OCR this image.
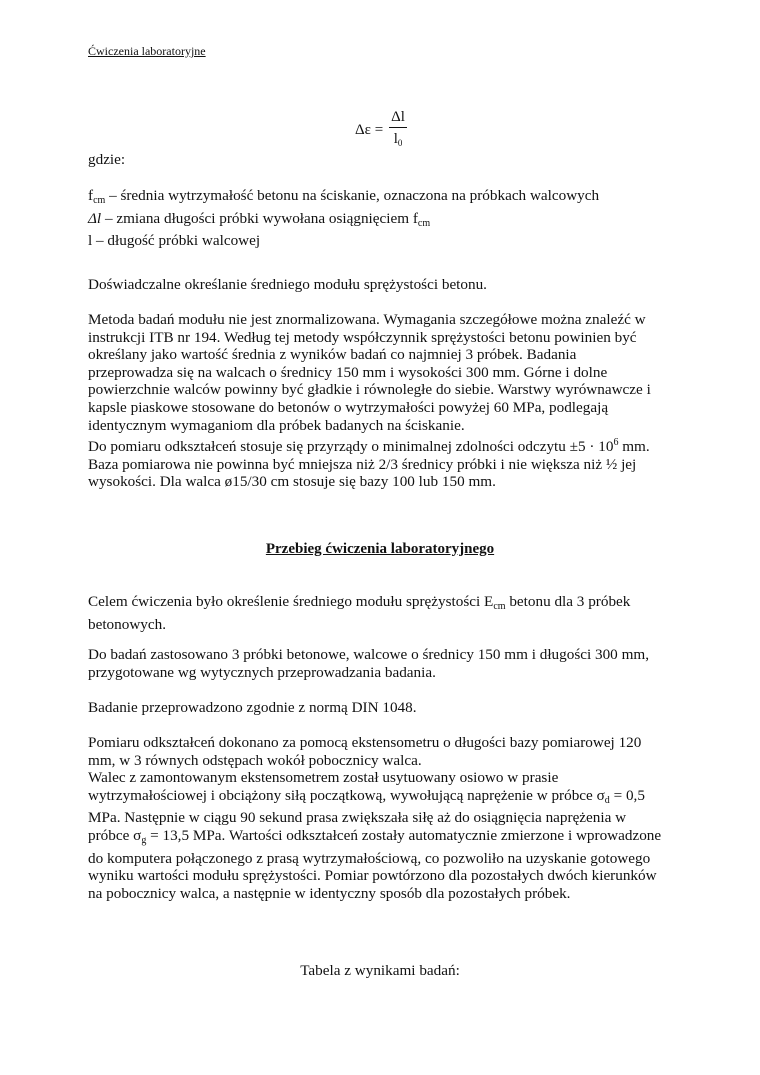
Ćwiczenia laboratoryjne
$\Delta\varepsilon = \frac{\Delta l}{l_0}$

gdzie:

$f_{cm}$ – średnia wytrzymałość betonu na ściskanie, oznaczona na próbkach walcowych

Δl – zmiana długości próbki wywołana osiągnięciem $f_{cm}$

l – długość próbki walcowej

Doświadczalne określanie średniego modułu sprężystości betonu.

Metoda badań modułu nie jest znormalizowana. Wymagania szczegółowe można znaleźć w

instrukcji ITB nr 194. Według tej metody współczynnik sprężystości betonu powinien być

określany jako wartość średnia z wyników badań co najmniej 3 próbek. Badania

przeprowadza się na walcach o średnicy 150 mm i wysokości 300 mm. Górne i dolne

powierzchnie walców powinny być gładkie i równoległe do siebie. Warstwy wyrównawcze i

kapsle piaskowe stosowane do betonów o wytrzymałości powyżej 60 MPa, podlegają

identycznym wymaganiom dla próbek badanych na ściskanie.

Do pomiaru odkształceń stosuje się przyrządy o minimalnej zdolności odczytu $\pm 5 \cdot 10^6$ mm.

Baza pomiarowa nie powinna być mniejsza niż 2/3 średnicy próbki i nie większa niż ½ jej

wysokości. Dla walca ø15/30 cm stosuje się bazy 100 lub 150 mm.

Przebieg ćwiczenia laboratoryjnego

Celem ćwiczenia było określenie średniego modułu sprężystości $E_{cm}$ betonu dla 3 próbek

betonowych.

Do badań zastosowano 3 próbki betonowe, walcowe o średnicy 150 mm i długości 300 mm,

przygotowane wg wytycznych przeprowadzania badania.

Badanie przeprowadzono zgodnie z normą DIN 1048.

Pomiaru odkształceń dokonano za pomocą ekstensometru o długości bazy pomiarowej 120

mm, w 3 równych odstępach wokół pobocznicy walca.

Walec z zamontowanym ekstensometrem został usytuowany osiowo w prasie

wytrzymałościowej i obciążony siłą początkową, wywołującą naprężenie w próbce $\sigma_d = 0,5$

MPa. Następnie w ciągu 90 sekund prasa zwiększała siłę aż do osiągnięcia naprężenia w

próbce $\sigma_g = 13,5$ MPa. Wartości odkształceń zostały automatycznie zmierzone i wprowadzone

do komputera połączonego z prasą wytrzymałościową, co pozwoliło na uzyskanie gotowego

wyniku wartości modułu sprężystości. Pomiar powtórzono dla pozostałych dwóch kierunków

na pobocznicy walca, a następnie w identyczny sposób dla pozostałych próbek.

Tabela z wynikami badań:
